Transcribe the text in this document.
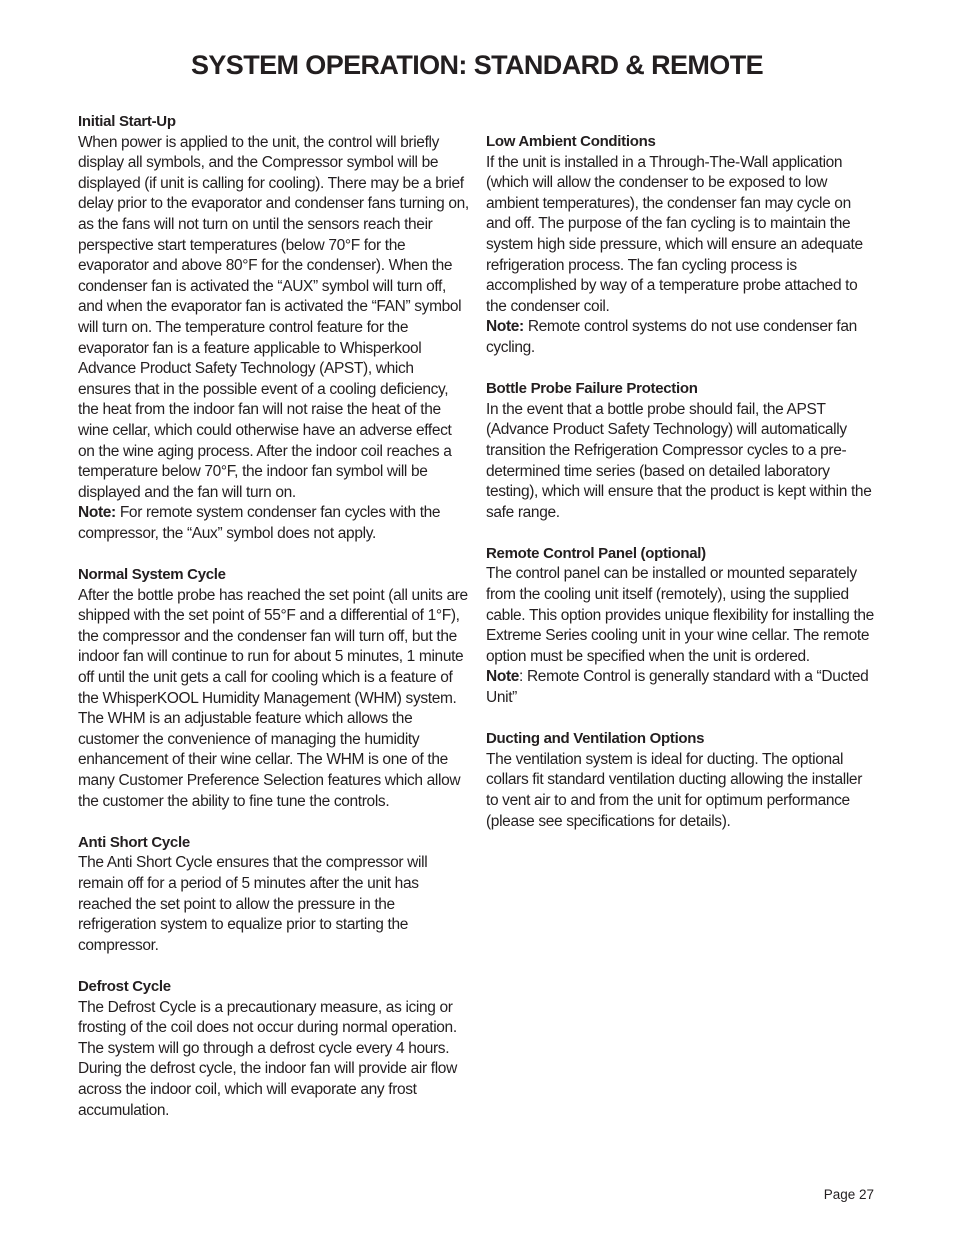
SYSTEM OPERATION: STANDARD & REMOTE
Initial Start-Up

When power is applied to the unit, the control will briefly display all symbols, and the Compressor symbol will be displayed (if unit is calling for cooling). There may be a brief delay prior to the evaporator and condenser fans turning on, as the fans will not turn on until the sensors reach their perspective start temperatures (below 70°F for the evaporator and above 80°F for the condenser). When the condenser fan is activated the “AUX” symbol will turn off, and when the evaporator fan is activated the “FAN” symbol will turn on. The temperature control feature for the evaporator fan is a feature applicable to Whisperkool Advance Product Safety Technology (APST), which ensures that in the possible event of a cooling deficiency, the heat from the indoor fan will not raise the heat of the wine cellar, which could otherwise have an adverse effect on the wine aging process. After the indoor coil reaches a temperature below 70°F, the indoor fan symbol will be displayed and the fan will turn on.
Note: For remote system condenser fan cycles with the compressor, the “Aux” symbol does not apply.

Normal System Cycle

After the bottle probe has reached the set point (all units are shipped with the set point of 55°F and a differential of 1°F), the compressor and the condenser fan will turn off, but the indoor fan will continue to run for about 5 minutes, 1 minute off until the unit gets a call for cooling which is a feature of the WhisperKOOL Humidity Management (WHM) system. The WHM is an adjustable feature which allows the customer the convenience of managing the humidity enhancement of their wine cellar. The WHM is one of the many Customer Preference Selection features which allow the customer the ability to fine tune the controls.

Anti Short Cycle

The Anti Short Cycle ensures that the compressor will remain off for a period of 5 minutes after the unit has reached the set point to allow the pressure in the refrigeration system to equalize prior to starting the compressor.

Defrost Cycle

The Defrost Cycle is a precautionary measure, as icing or frosting of the coil does not occur during normal operation. The system will go through a defrost cycle every 4 hours. During the defrost cycle, the indoor fan will provide air flow across the indoor coil, which will evaporate any frost accumulation.

Low Ambient Conditions

If the unit is installed in a Through-The-Wall application (which will allow the condenser to be exposed to low ambient temperatures), the condenser fan may cycle on and off. The purpose of the fan cycling is to maintain the system high side pressure, which will ensure an adequate refrigeration process. The fan cycling process is accomplished by way of a temperature probe attached to the condenser coil.
Note: Remote control systems do not use condenser fan cycling.

Bottle Probe Failure Protection

In the event that a bottle probe should fail, the APST (Advance Product Safety Technology) will automatically transition the Refrigeration Compressor cycles to a pre-determined time series (based on detailed laboratory testing), which will ensure that the product is kept within the safe range.

Remote Control Panel (optional)

The control panel can be installed or mounted separately from the cooling unit itself (remotely), using the supplied cable. This option provides unique flexibility for installing the Extreme Series cooling unit in your wine cellar. The remote option must be specified when the unit is ordered.
Note: Remote Control is generally standard with a “Ducted Unit”

Ducting and Ventilation Options

The ventilation system is ideal for ducting. The optional collars fit standard ventilation ducting allowing the installer to vent air to and from the unit for optimum performance (please see specifications for details).

Page 27
